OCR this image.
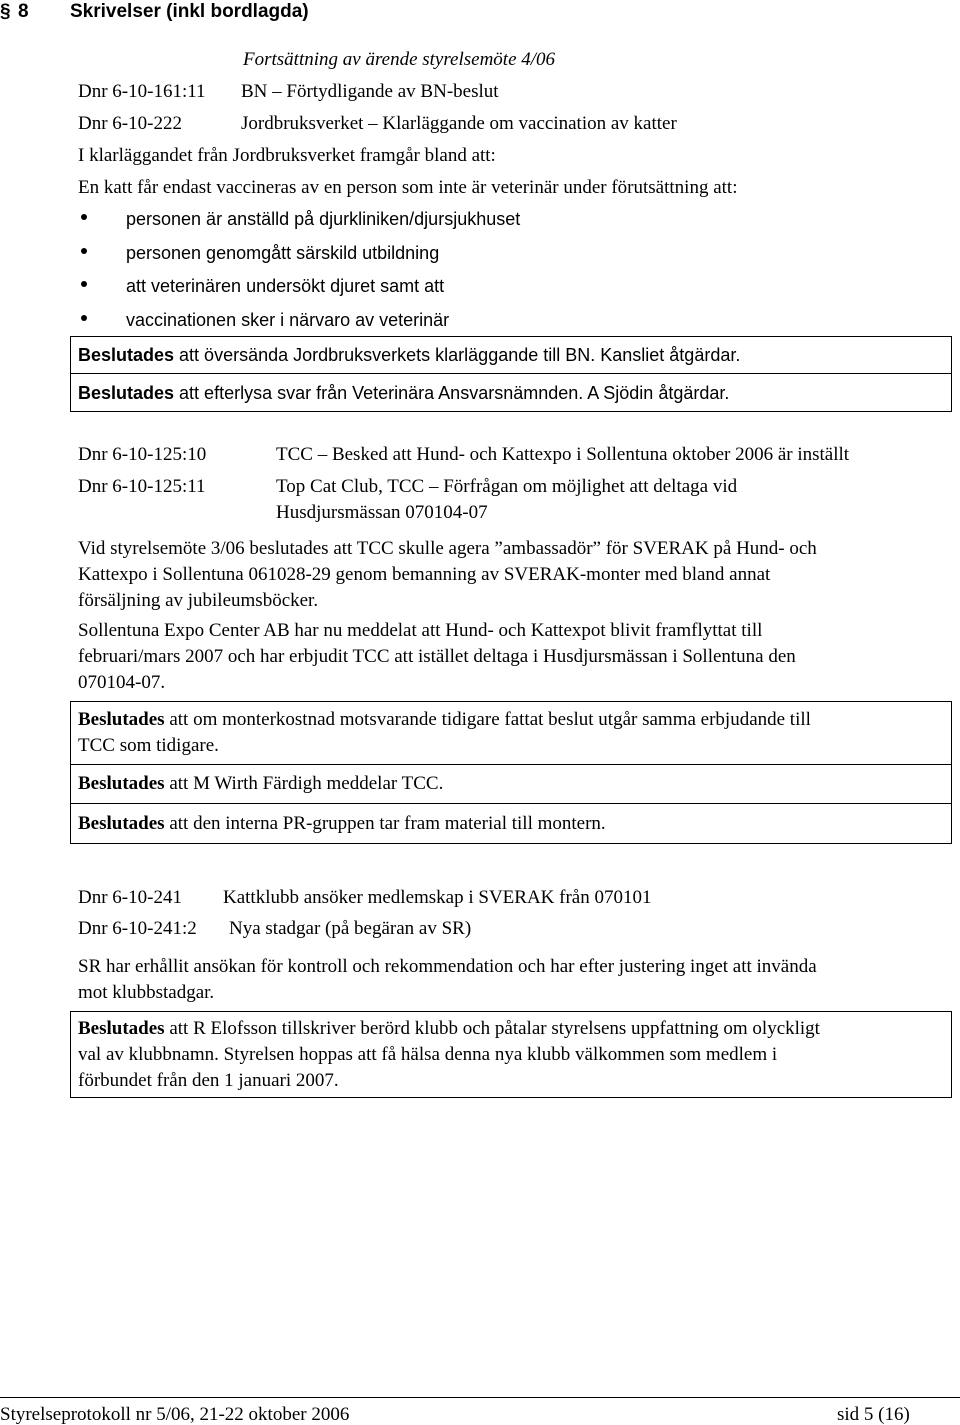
§ 8 Skrivelser (inkl bordlagda)
Fortsättning av ärende styrelsemöte 4/06
Dnr 6-10-161:11 BN – Förtydligande av BN-beslut
Dnr 6-10-222	Jordbruksverket – Klarläggande om vaccination av katter
I klarläggandet från Jordbruksverket framgår bland att:
En katt får endast vaccineras av en person som inte är veterinär under förutsättning att:
personen är anställd på djurkliniken/djursjukhuset
personen genomgått särskild utbildning
att veterinären undersökt djuret samt att
vaccinationen sker i närvaro av veterinär
Beslutades att översända Jordbruksverkets klarläggande till BN. Kansliet åtgärdar.
Beslutades att efterlysa svar från Veterinära Ansvarsnämnden. A Sjödin åtgärdar.
Dnr 6-10-125:10	TCC – Besked att Hund- och Kattexpo i Sollentuna oktober 2006 är inställt
Dnr 6-10-125:11	Top Cat Club, TCC – Förfrågan om möjlighet att deltaga vid
Husdjursmässan 070104-07
Vid styrelsemöte 3/06 beslutades att TCC skulle agera ”ambassadör” för SVERAK på Hund- och
Kattexpo i Sollentuna 061028-29 genom bemanning av SVERAK-monter med bland annat
försäljning av jubileumsböcker.
Sollentuna Expo Center AB har nu meddelat att Hund- och Kattexpot blivit framflyttat till
februari/mars 2007 och har erbjudit TCC att istället deltaga i Husdjursmässan i Sollentuna den
070104-07.
Beslutades att om monterkostnad motsvarande tidigare fattat beslut utgår samma erbjudande till
TCC som tidigare.
Beslutades att M Wirth Färdigh meddelar TCC.
Beslutades att den interna PR-gruppen tar fram material till montern.
Dnr 6-10-241 Kattklubb ansöker medlemskap i SVERAK från 070101
Dnr 6-10-241:2 Nya stadgar (på begäran av SR)
SR har erhållit ansökan för kontroll och rekommendation och har efter justering inget att invända
mot klubbstadgar.
Beslutades att R Elofsson tillskriver berörd klubb och påtalar styrelsens uppfattning om olyckligt
val av klubbnamn. Styrelsen hoppas att få hälsa denna nya klubb välkommen som medlem i
förbundet från den 1 januari 2007.
Styrelseprotokoll nr 5/06, 21-22 oktober 2006	sid 5 (16)
